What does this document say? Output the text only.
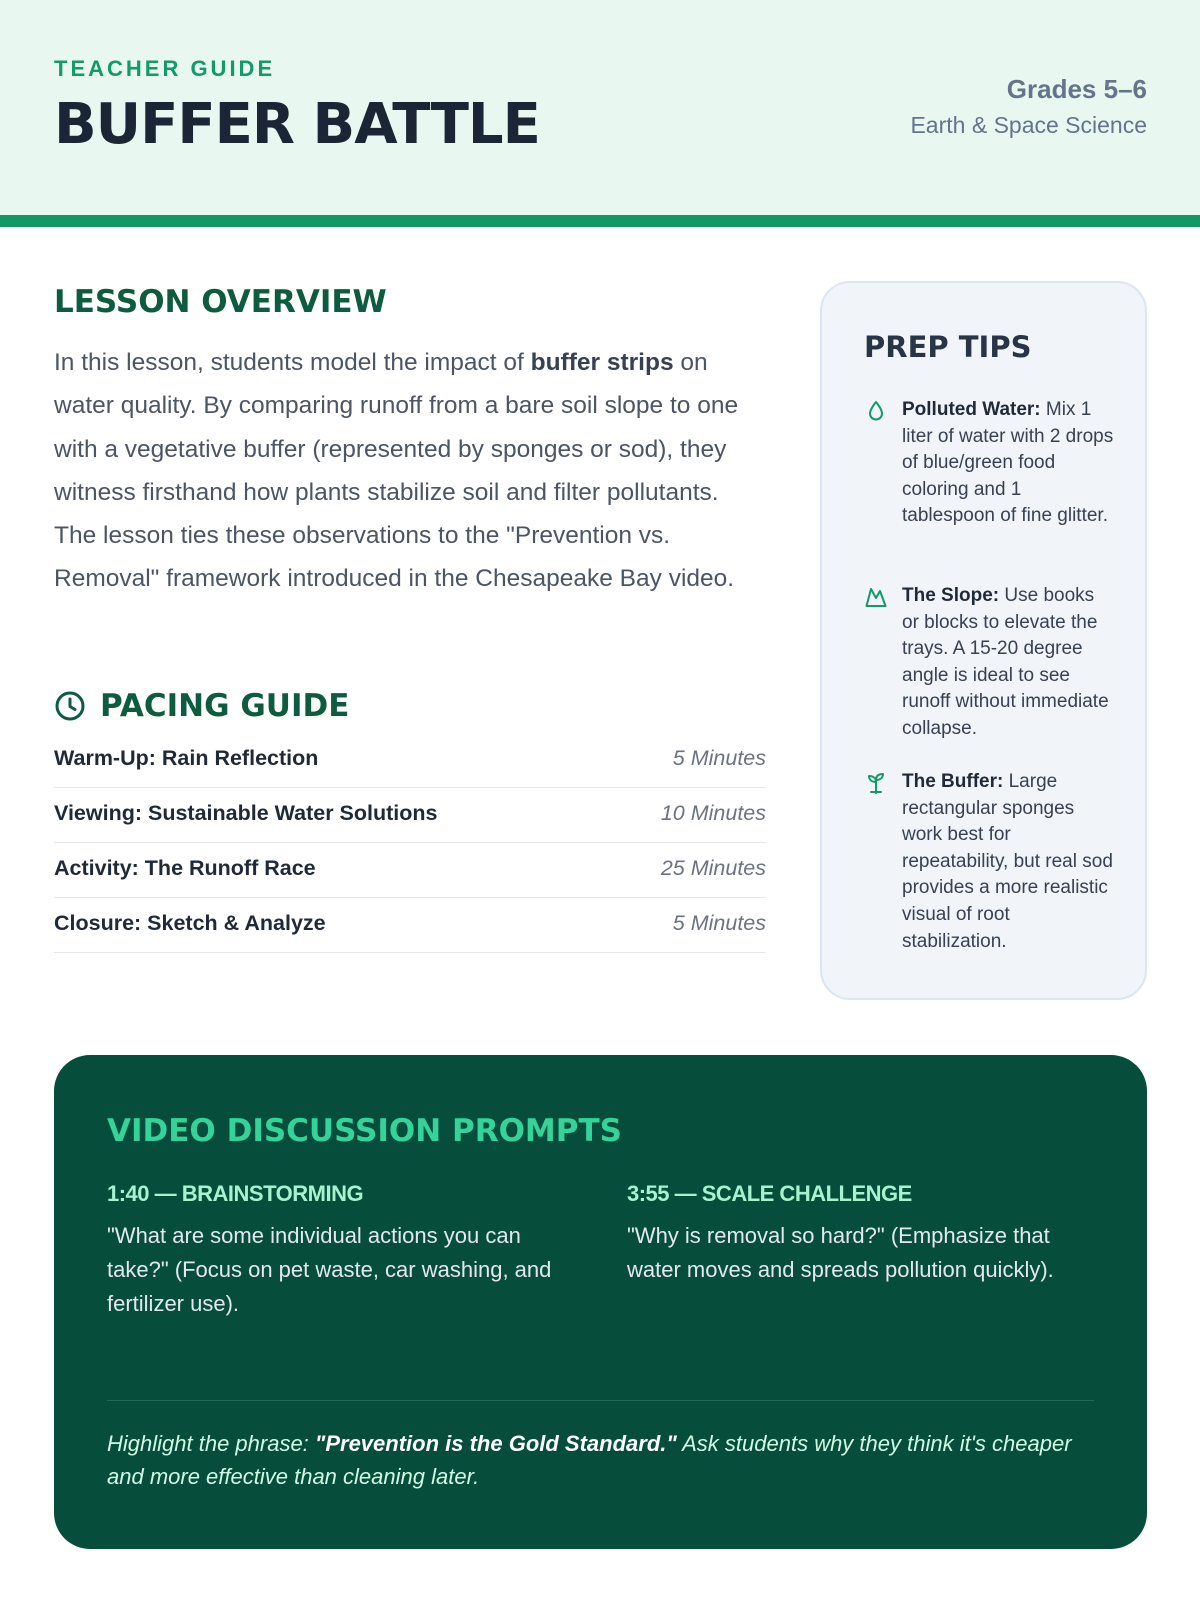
TEACHER GUIDE
BUFFER BATTLE
Grades 5–6
Earth & Space Science
LESSON OVERVIEW

In this lesson, students model the impact of buffer strips on water quality. By comparing runoff from a bare soil slope to one with a vegetative buffer (represented by sponges or sod), they witness firsthand how plants stabilize soil and filter pollutants. The lesson ties these observations to the "Prevention vs. Removal" framework introduced in the Chesapeake Bay video.

PACING GUIDE
Warm-Up: Rain Reflection	5 Minutes
Viewing: Sustainable Water Solutions	10 Minutes
Activity: The Runoff Race	25 Minutes
Closure: Sketch & Analyze	5 Minutes
PREP TIPS
Polluted Water: Mix 1 liter of water with 2 drops of blue/green food coloring and 1 tablespoon of fine glitter.
The Slope: Use books or blocks to elevate the trays. A 15-20 degree angle is ideal to see runoff without immediate collapse.
The Buffer: Large rectangular sponges work best for repeatability, but real sod provides a more realistic visual of root stabilization.
VIDEO DISCUSSION PROMPTS
1:40 — BRAINSTORMING
"What are some individual actions you can take?" (Focus on pet waste, car washing, and fertilizer use).
3:55 — SCALE CHALLENGE
"Why is removal so hard?" (Emphasize that water moves and spreads pollution quickly).

Highlight the phrase: "Prevention is the Gold Standard." Ask students why they think it's cheaper and more effective than cleaning later.
